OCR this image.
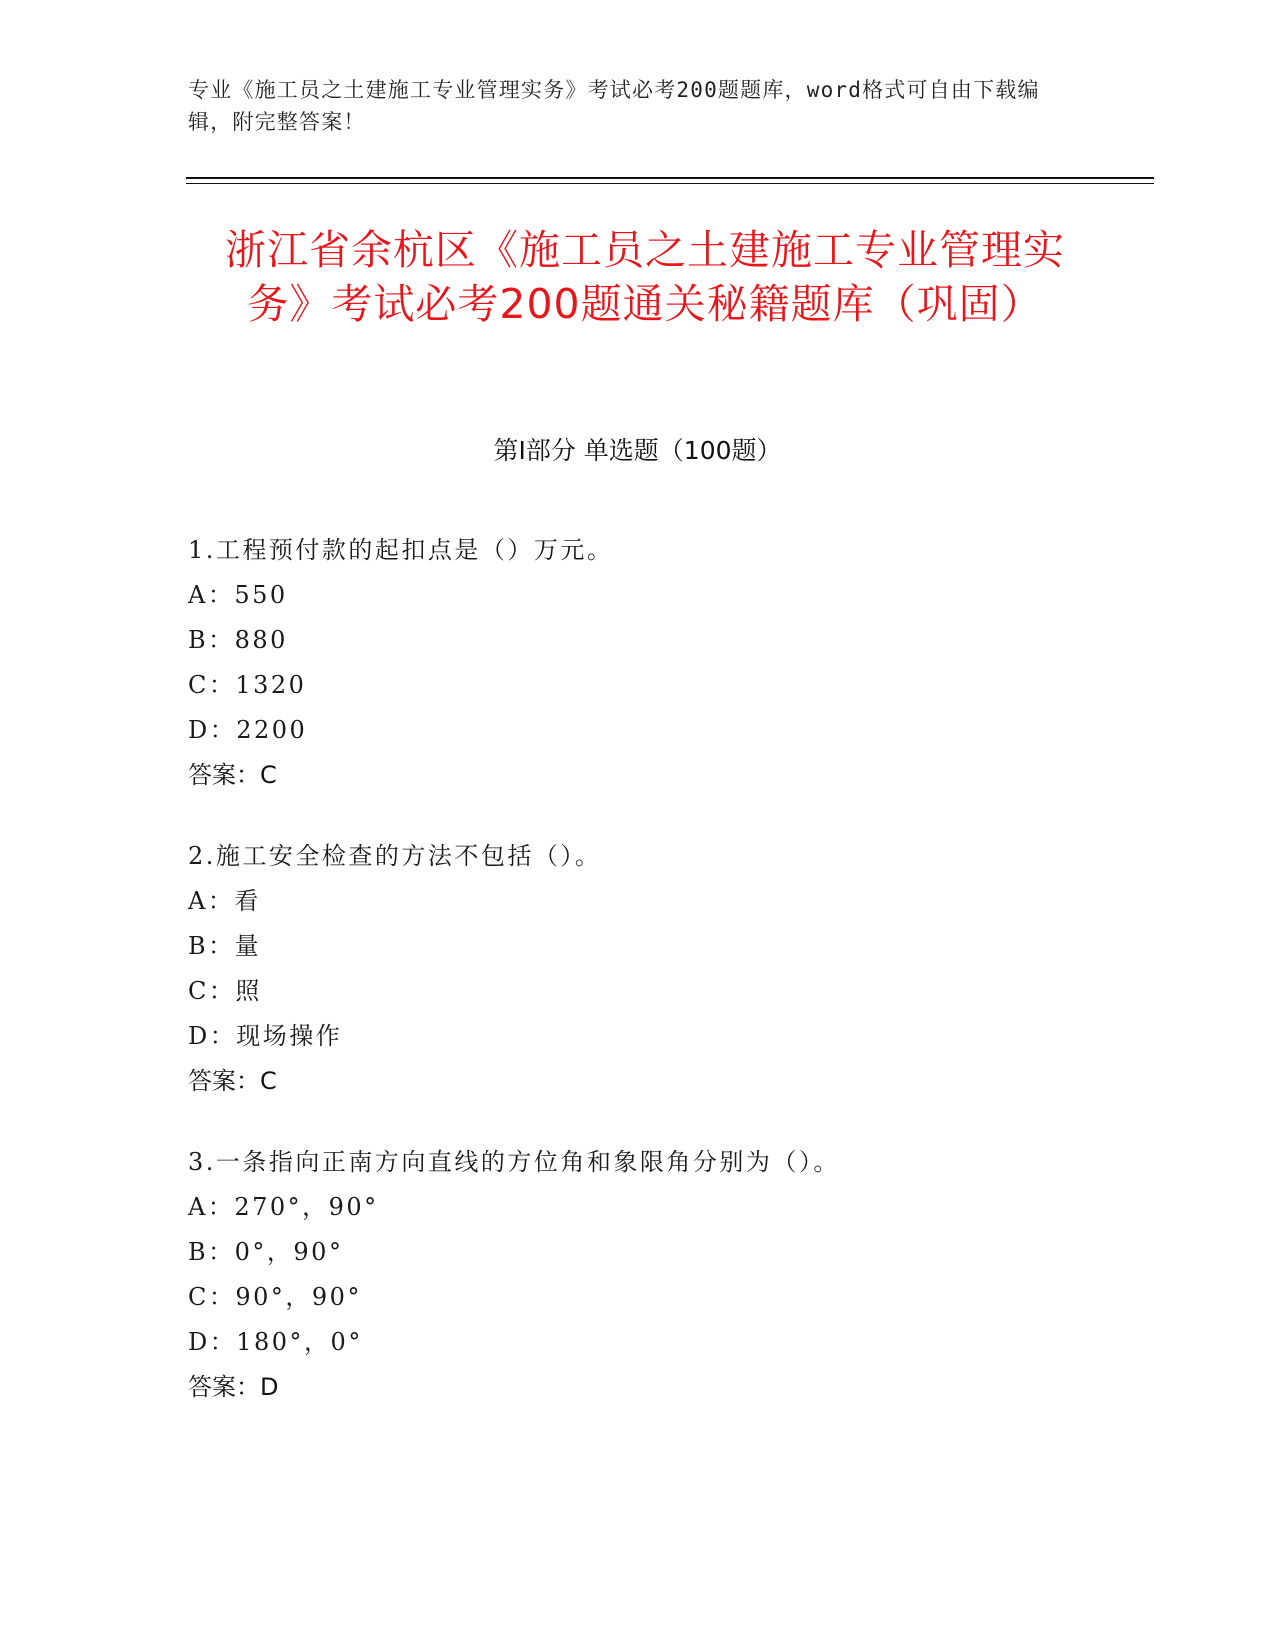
专业《施工员之土建施工专业管理实务》考试必考200题题库，word格式可自由下载编辑，附完整答案！

浙江省余杭区《施工员之土建施工专业管理实务》考试必考200题通关秘籍题库（巩固）
第Ⅰ部分 单选题（100题）

1.工程预付款的起扣点是（）万元。

A：550

B：880

C：1320

D：2200

答案：C

2.施工安全检查的方法不包括（）。

A：看

B：量

C：照

D：现场操作

答案：C

3.一条指向正南方向直线的方位角和象限角分别为（）。

A：270°，90°

B：0°，90°

C：90°，90°

D：180°，0°

答案：D
